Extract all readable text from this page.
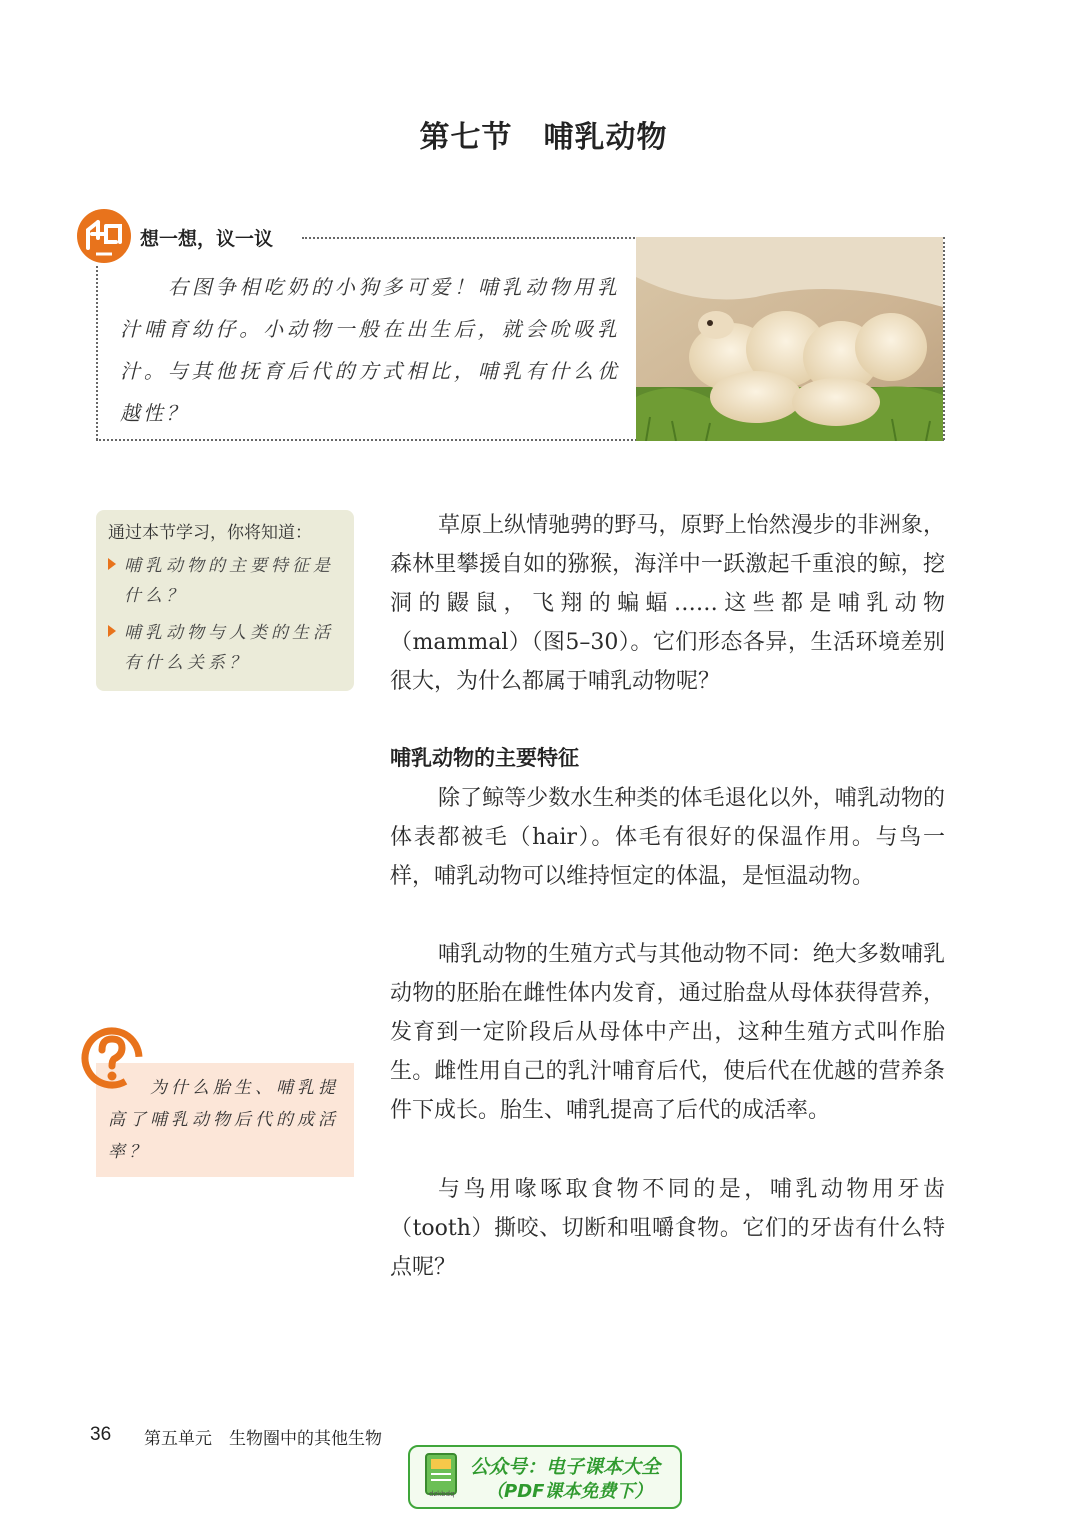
第七节　哺乳动物
想一想，议一议
右图争相吃奶的小狗多可爱！哺乳动物用乳汁哺育幼仔。小动物一般在出生后，就会吮吸乳汁。与其他抚育后代的方式相比，哺乳有什么优越性？
通过本节学习，你将知道：
哺乳动物的主要特征是
什么？
哺乳动物与人类的生活
有什么关系？
为什么胎生、哺乳提高了哺乳动物后代的成活率？

草原上纵情驰骋的野马，原野上怡然漫步的非洲象，森林里攀援自如的猕猴，海洋中一跃激起千重浪的鲸，挖洞的鼹鼠，飞翔的蝙蝠……这些都是哺乳动物（mammal）（图5–30）。它们形态各异，生活环境差别很大，为什么都属于哺乳动物呢？

哺乳动物的主要特征

除了鲸等少数水生种类的体毛退化以外，哺乳动物的体表都被毛（hair）。体毛有很好的保温作用。与鸟一样，哺乳动物可以维持恒定的体温，是恒温动物。

哺乳动物的生殖方式与其他动物不同：绝大多数哺乳动物的胚胎在雌性体内发育，通过胎盘从母体获得营养，发育到一定阶段后从母体中产出，这种生殖方式叫作胎生。雌性用自己的乳汁哺育后代，使后代在优越的营养条件下成长。胎生、哺乳提高了后代的成活率。

与鸟用喙啄取食物不同的是，哺乳动物用牙齿（tooth）撕咬、切断和咀嚼食物。它们的牙齿有什么特点呢？

36 第五单元　生物圈中的其他生物
公众号：电子课本大全
（PDF课本免费下）
dzkbdq
